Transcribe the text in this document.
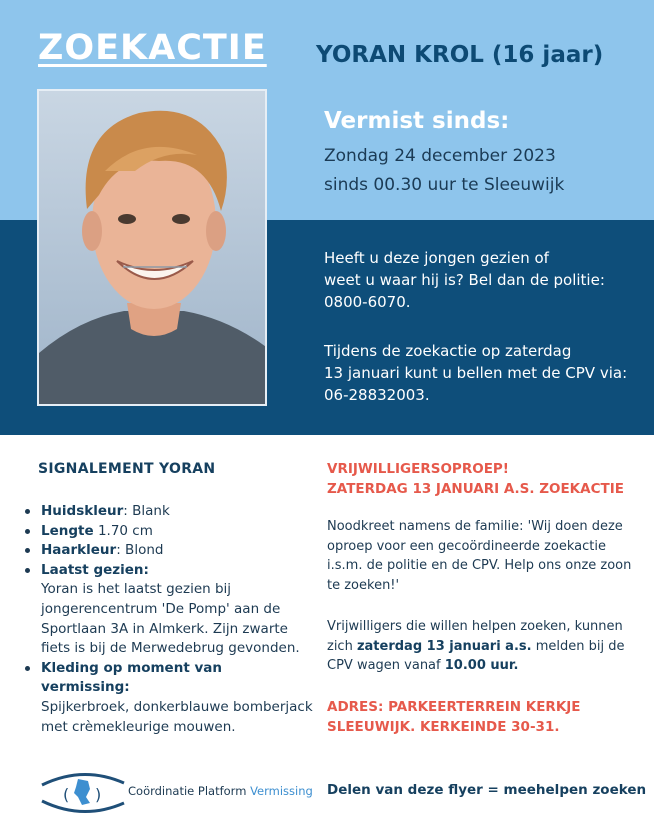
ZOEKACTIE YORAN KROL (16 jaar)
Vermist sinds:
Zondag 24 december 2023
sinds 00.30 uur te Sleeuwijk
Heeft u deze jongen gezien of
weet u waar hij is? Bel dan de politie:
0800-6070.
Tijdens de zoekactie op zaterdag
13 januari kunt u bellen met de CPV via:
06-28832003.
SIGNALEMENT YORAN
Huidskleur: Blank
Lengte 1.70 cm
Haarkleur: Blond
Laatst gezien:
Yoran is het laatst gezien bij jongerencentrum 'De Pomp' aan de Sportlaan 3A in Almkerk. Zijn zwarte fiets is bij de Merwedebrug gevonden.
Kleding op moment van vermissing:
Spijkerbroek, donkerblauwe bomberjack met crèmekleurige mouwen.
VRIJWILLIGERSOPROEP!
ZATERDAG 13 JANUARI A.S. ZOEKACTIE
Noodkreet namens de familie: 'Wij doen deze oproep voor een gecoördineerde zoekactie i.s.m. de politie en de CPV. Help ons onze zoon te zoeken!'
Vrijwilligers die willen helpen zoeken, kunnen zich zaterdag 13 januari a.s. melden bij de CPV wagen vanaf 10.00 uur.
ADRES: PARKEERTERREIN KERKJE SLEEUWIJK. KERKEINDE 30-31.
( ) Coördinatie Platform Vermissing Delen van deze flyer = meehelpen zoeken
